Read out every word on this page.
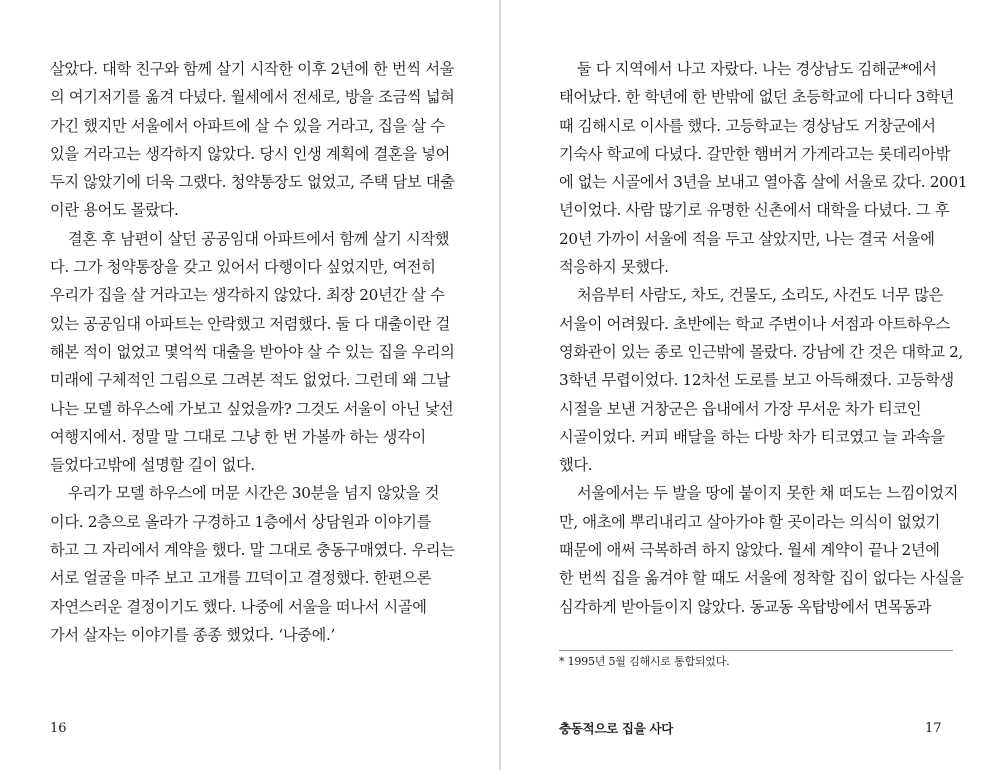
살았다. 대학 친구와 함께 살기 시작한 이후 2년에 한 번씩 서울
의 여기저기를 옮겨 다녔다. 월세에서 전세로, 방을 조금씩 넓혀
가긴 했지만 서울에서 아파트에 살 수 있을 거라고, 집을 살 수
있을 거라고는 생각하지 않았다. 당시 인생 계획에 결혼을 넣어
두지 않았기에 더욱 그랬다. 청약통장도 없었고, 주택 담보 대출
이란 용어도 몰랐다.
결혼 후 남편이 살던 공공임대 아파트에서 함께 살기 시작했
다. 그가 청약통장을 갖고 있어서 다행이다 싶었지만, 여전히
우리가 집을 살 거라고는 생각하지 않았다. 최장 20년간 살 수
있는 공공임대 아파트는 안락했고 저렴했다. 둘 다 대출이란 걸
해본 적이 없었고 몇억씩 대출을 받아야 살 수 있는 집을 우리의
미래에 구체적인 그림으로 그려본 적도 없었다. 그런데 왜 그날
나는 모델 하우스에 가보고 싶었을까? 그것도 서울이 아닌 낯선
여행지에서. 정말 말 그대로 그냥 한 번 가볼까 하는 생각이
들었다고밖에 설명할 길이 없다.
우리가 모델 하우스에 머문 시간은 30분을 넘지 않았을 것
이다. 2층으로 올라가 구경하고 1층에서 상담원과 이야기를
하고 그 자리에서 계약을 했다. 말 그대로 충동구매였다. 우리는
서로 얼굴을 마주 보고 고개를 끄덕이고 결정했다. 한편으론
자연스러운 결정이기도 했다. 나중에 서울을 떠나서 시골에
가서 살자는 이야기를 종종 했었다. ‘나중에.’
16
둘 다 지역에서 나고 자랐다. 나는 경상남도 김해군*에서
태어났다. 한 학년에 한 반밖에 없던 초등학교에 다니다 3학년
때 김해시로 이사를 했다. 고등학교는 경상남도 거창군에서
기숙사 학교에 다녔다. 갈만한 햄버거 가게라고는 롯데리아밖
에 없는 시골에서 3년을 보내고 열아홉 살에 서울로 갔다. 2001
년이었다. 사람 많기로 유명한 신촌에서 대학을 다녔다. 그 후
20년 가까이 서울에 적을 두고 살았지만, 나는 결국 서울에
적응하지 못했다.
처음부터 사람도, 차도, 건물도, 소리도, 사건도 너무 많은
서울이 어려웠다. 초반에는 학교 주변이나 서점과 아트하우스
영화관이 있는 종로 인근밖에 몰랐다. 강남에 간 것은 대학교 2,
3학년 무렵이었다. 12차선 도로를 보고 아득해졌다. 고등학생
시절을 보낸 거창군은 읍내에서 가장 무서운 차가 티코인
시골이었다. 커피 배달을 하는 다방 차가 티코였고 늘 과속을
했다.
서울에서는 두 발을 땅에 붙이지 못한 채 떠도는 느낌이었지
만, 애초에 뿌리내리고 살아가야 할 곳이라는 의식이 없었기
때문에 애써 극복하려 하지 않았다. 월세 계약이 끝나 2년에
한 번씩 집을 옮겨야 할 때도 서울에 정착할 집이 없다는 사실을
심각하게 받아들이지 않았다. 동교동 옥탑방에서 면목동과
* 1995년 5월 김해시로 통합되었다.
충동적으로 집을 사다	17
